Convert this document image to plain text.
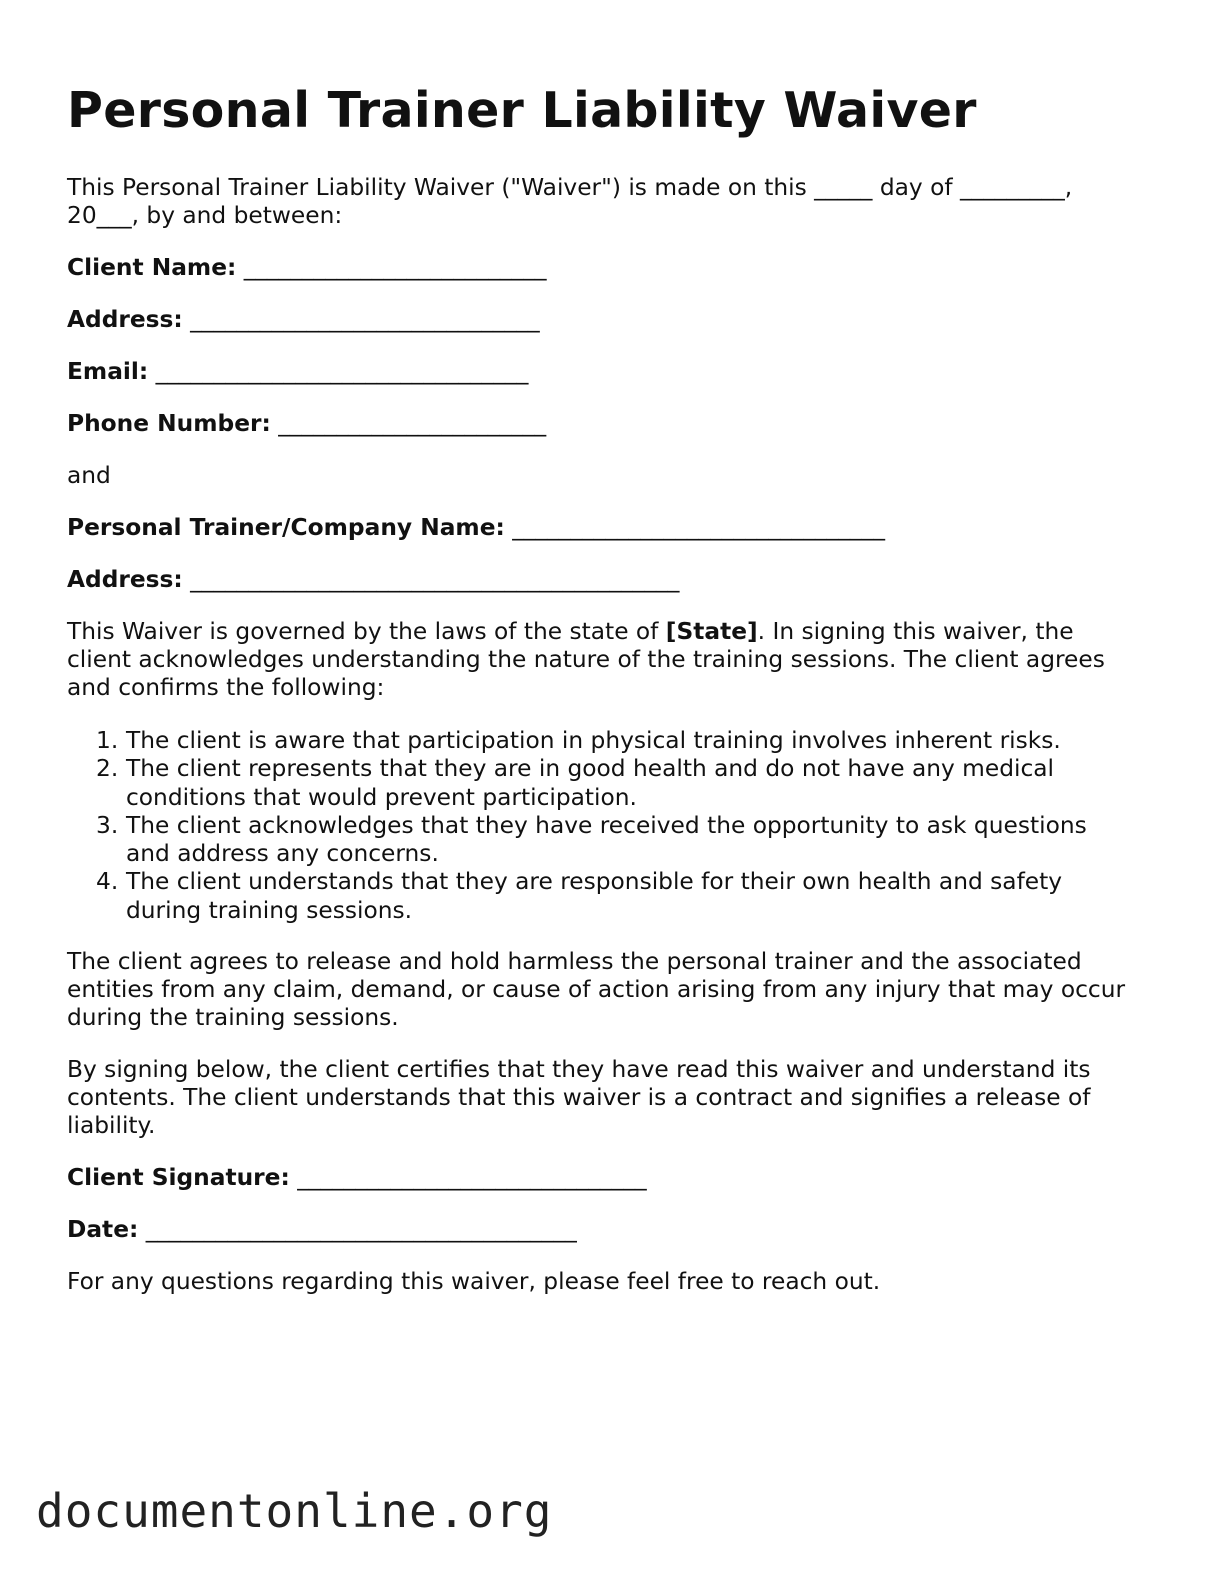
Personal Trainer Liability Waiver

This Personal Trainer Liability Waiver ("Waiver") is made on this _____ day of _________,

20___, by and between:

Client Name: __________________________

Address: ______________________________

Email: ________________________________

Phone Number: _______________________

and

Personal Trainer/Company Name: ________________________________

Address: __________________________________________

This Waiver is governed by the laws of the state of [State]. In signing this waiver, the

client acknowledges understanding the nature of the training sessions. The client agrees

and confirms the following:

1. The client is aware that participation in physical training involves inherent risks.
2. The client represents that they are in good health and do not have any medical
conditions that would prevent participation.
3. The client acknowledges that they have received the opportunity to ask questions
and address any concerns.
4. The client understands that they are responsible for their own health and safety
during training sessions.

The client agrees to release and hold harmless the personal trainer and the associated

entities from any claim, demand, or cause of action arising from any injury that may occur

during the training sessions.

By signing below, the client certifies that they have read this waiver and understand its

contents. The client understands that this waiver is a contract and signifies a release of

liability.

Client Signature: ______________________________

Date: _____________________________________

For any questions regarding this waiver, please feel free to reach out.

documentonline.org
